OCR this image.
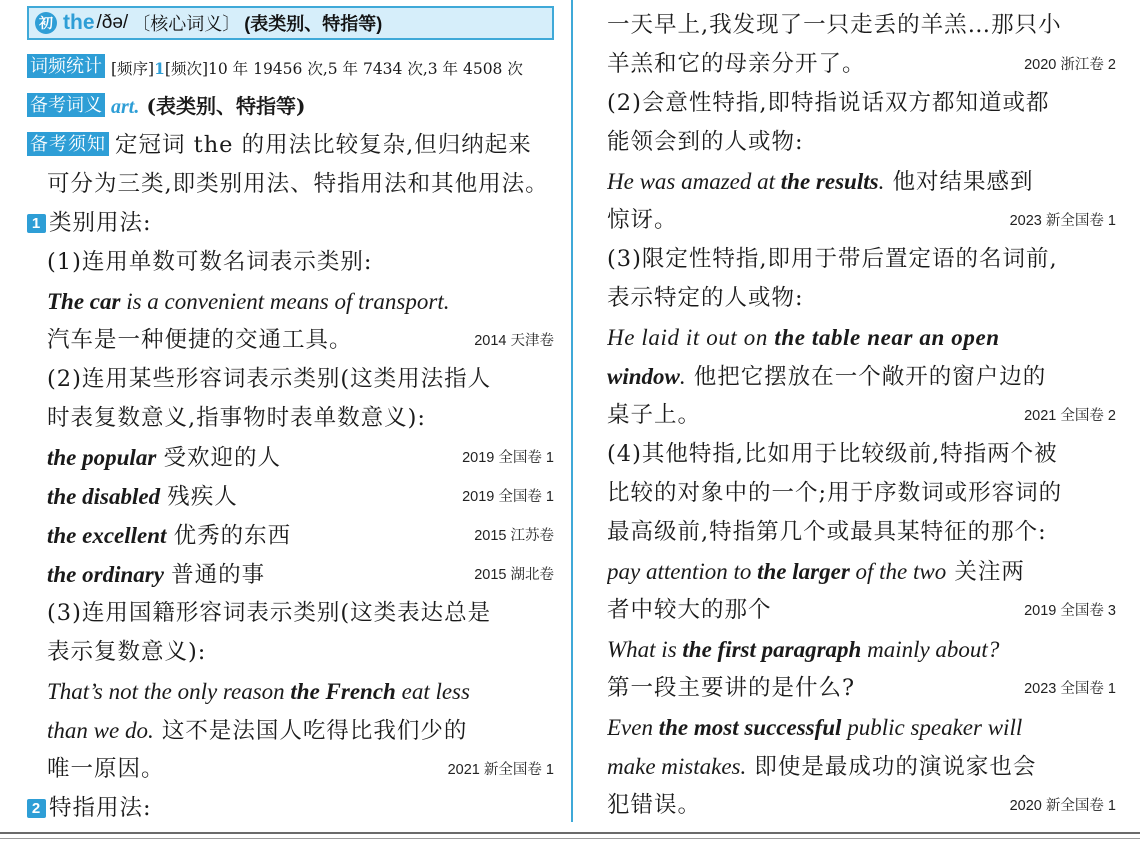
初 the /ðə/ 〔核心词义〕 (表类别、特指等)
词频统计 [频序]1[频次]10 年 19456 次,5 年 7434 次,3 年 4508 次
备考词义 art. (表类别、特指等)
备考须知 定冠词 the 的用法比较复杂,但归纳起来
可分为三类,即类别用法、特指用法和其他用法。
1 类别用法:
(1)连用单数可数名词表示类别:
The car is a convenient means of transport.
汽车是一种便捷的交通工具。	2014 天津卷
(2)连用某些形容词表示类别(这类用法指人
时表复数意义,指事物时表单数意义):
the popular 受欢迎的人	2019 全国卷 1
the disabled 残疾人	2019 全国卷 1
the excellent 优秀的东西	2015 江苏卷
the ordinary 普通的事	2015 湖北卷
(3)连用国籍形容词表示类别(这类表达总是
表示复数意义):
That’s not the only reason the French eat less
than we do. 这不是法国人吃得比我们少的
唯一原因。	2021 新全国卷 1
2 特指用法:
一天早上,我发现了一只走丢的羊羔…那只小
羊羔和它的母亲分开了。	2020 浙江卷 2
(2)会意性特指,即特指说话双方都知道或都
能领会到的人或物:
He was amazed at the results. 他对结果感到
惊讶。	2023 新全国卷 1
(3)限定性特指,即用于带后置定语的名词前,
表示特定的人或物:
He laid it out on the table near an open
window. 他把它摆放在一个敞开的窗户边的
桌子上。	2021 全国卷 2
(4)其他特指,比如用于比较级前,特指两个被
比较的对象中的一个;用于序数词或形容词的
最高级前,特指第几个或最具某特征的那个:
pay attention to the larger of the two 关注两
者中较大的那个	2019 全国卷 3
What is the first paragraph mainly about?
第一段主要讲的是什么?	2023 全国卷 1
Even the most successful public speaker will
make mistakes. 即使是最成功的演说家也会
犯错误。	2020 新全国卷 1
